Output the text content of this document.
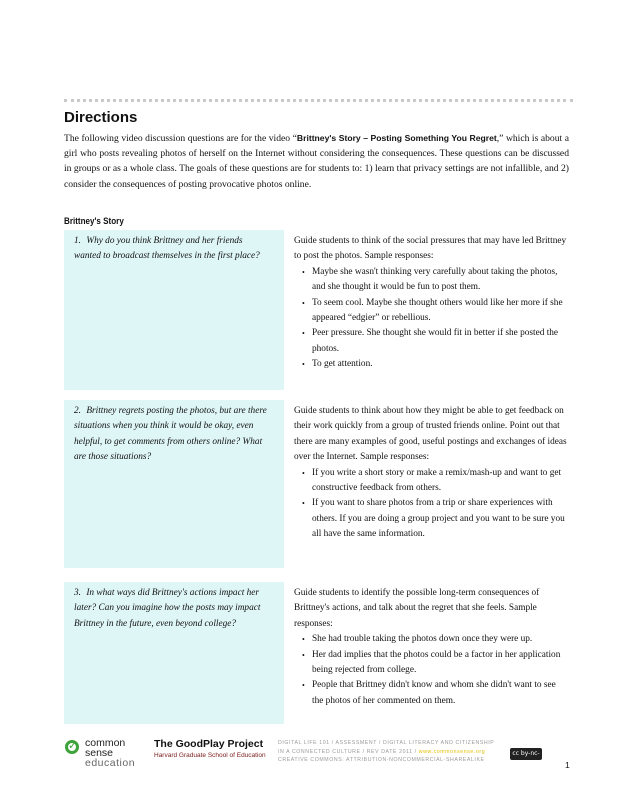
Directions
The following video discussion questions are for the video “Brittney's Story – Posting Something You Regret,” which is about a girl who posts revealing photos of herself on the Internet without considering the consequences. These questions can be discussed in groups or as a whole class. The goals of these questions are for students to: 1) learn that privacy settings are not infallible, and 2) consider the consequences of posting provocative photos online.
Brittney's Story
1. Why do you think Brittney and her friends wanted to broadcast themselves in the first place?
Guide students to think of the social pressures that may have led Brittney to post the photos. Sample responses:
• Maybe she wasn't thinking very carefully about taking the photos, and she thought it would be fun to post them.
• To seem cool. Maybe she thought others would like her more if she appeared “edgier” or rebellious.
• Peer pressure. She thought she would fit in better if she posted the photos.
• To get attention.
2. Brittney regrets posting the photos, but are there situations when you think it would be okay, even helpful, to get comments from others online? What are those situations?
Guide students to think about how they might be able to get feedback on their work quickly from a group of trusted friends online. Point out that there are many examples of good, useful postings and exchanges of ideas over the Internet. Sample responses:
• If you write a short story or make a remix/mash-up and want to get constructive feedback from others.
• If you want to share photos from a trip or share experiences with others. If you are doing a group project and you want to be sure you all have the same information.
3. In what ways did Brittney's actions impact her later? Can you imagine how the posts may impact Brittney in the future, even beyond college?
Guide students to identify the possible long-term consequences of Brittney's actions, and talk about the regret that she feels. Sample responses:
• She had trouble taking the photos down once they were up.
• Her dad implies that the photos could be a factor in her application being rejected from college.
• People that Brittney didn't know and whom she didn't want to see the photos of her commented on them.
✓ common
sense
education
The GoodPlay Project
Harvard Graduate School of Education
DIGITAL LIFE 101 / ASSESSMENT / DIGITAL LITERACY AND CITIZENSHIP
IN A CONNECTED CULTURE / REV DATE 2011 / www.commonsense.org
CREATIVE COMMONS: ATTRIBUTION-NONCOMMERCIAL-SHAREALIKE
cc by-nc-sa	1
